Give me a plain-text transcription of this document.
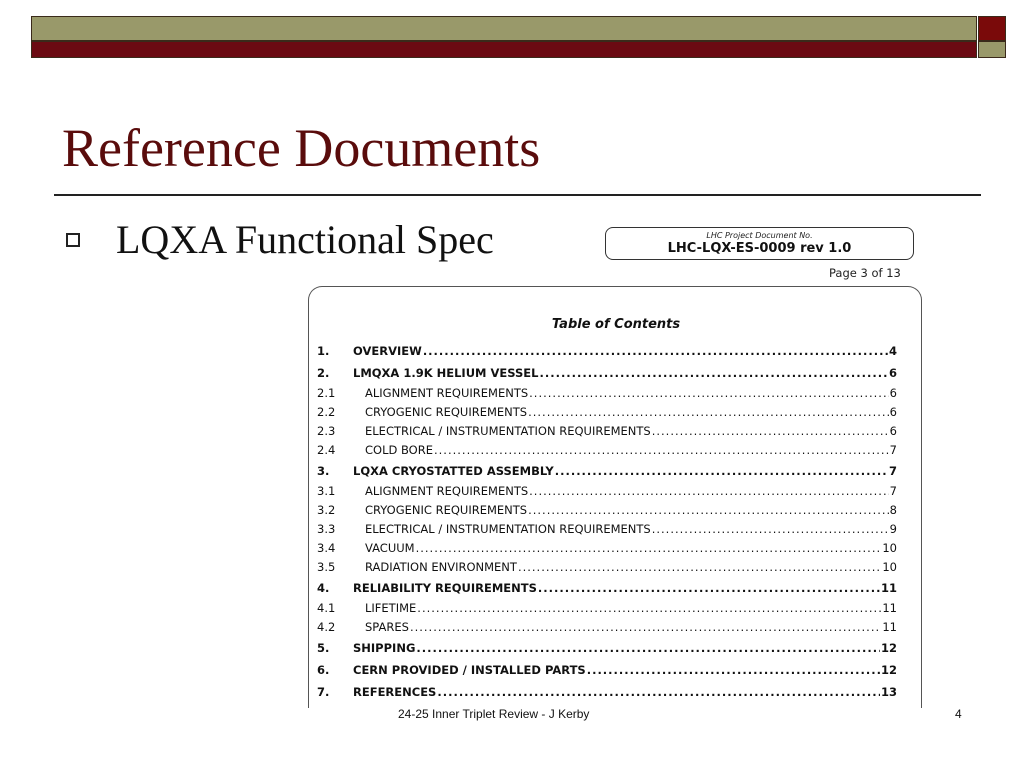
Reference Documents
LQXA Functional Spec	LHC Project Document No.
LHC-LQX-ES-0009 rev 1.0
Page 3 of 13
Table of Contents
1.	OVERVIEW .....	4
2.	LMQXA 1.9K HELIUM VESSEL .....	6
2.1	ALIGNMENT REQUIREMENTS .....	6
2.2	CRYOGENIC REQUIREMENTS .....	6
2.3	ELECTRICAL / INSTRUMENTATION REQUIREMENTS .....	6
2.4	COLD BORE .....	7
3.	LQXA CRYOSTATTED ASSEMBLY .....	7
3.1	ALIGNMENT REQUIREMENTS .....	7
3.2	CRYOGENIC REQUIREMENTS .....	8
3.3	ELECTRICAL / INSTRUMENTATION REQUIREMENTS .....	9
3.4	VACUUM .....	10
3.5	RADIATION ENVIRONMENT .....	10
4.	RELIABILITY REQUIREMENTS .....	11
4.1	LIFETIME .....	11
4.2	SPARES .....	11
5.	SHIPPING .....	12
6.	CERN PROVIDED / INSTALLED PARTS .....	12
7.	REFERENCES .....	13
24-25 Inner Triplet Review - J Kerby	4
